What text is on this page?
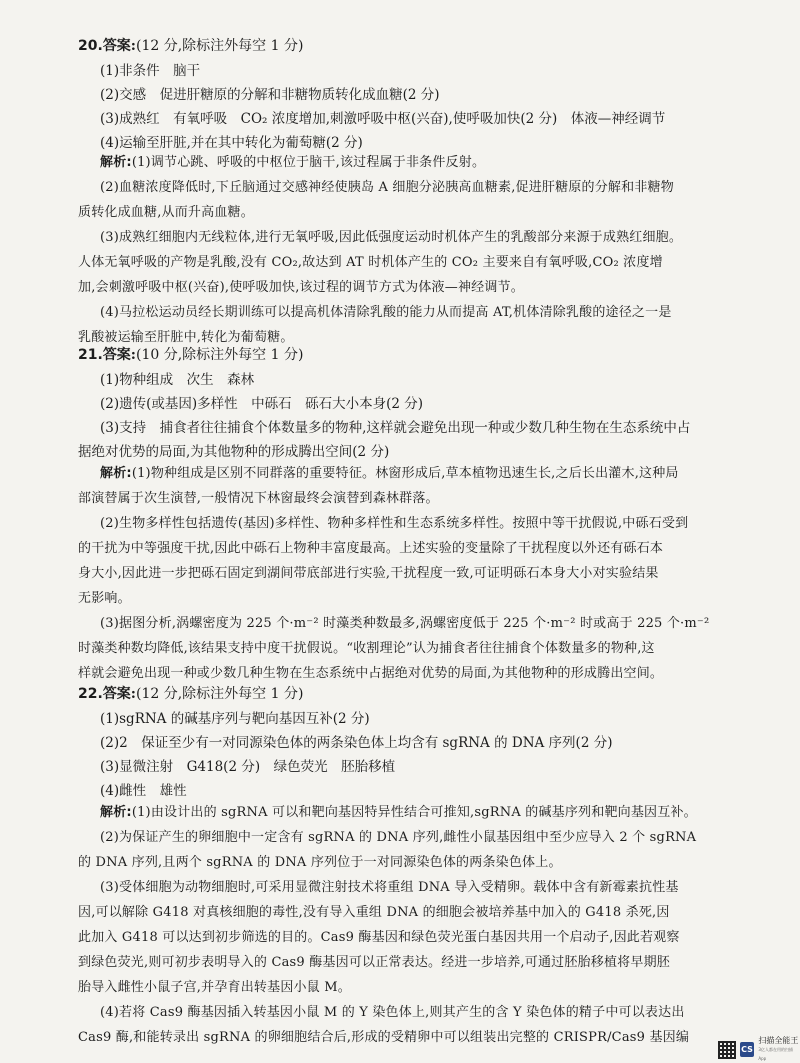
20.答案:(12 分,除标注外每空 1 分)
(1)非条件　脑干
(2)交感　促进肝糖原的分解和非糖物质转化成血糖(2 分)
(3)成熟红　有氧呼吸　CO₂ 浓度增加,刺激呼吸中枢(兴奋),使呼吸加快(2 分)　体液—神经调节
(4)运输至肝脏,并在其中转化为葡萄糖(2 分)
解析:(1)调节心跳、呼吸的中枢位于脑干,该过程属于非条件反射。
(2)血糖浓度降低时,下丘脑通过交感神经使胰岛 A 细胞分泌胰高血糖素,促进肝糖原的分解和非糖物
质转化成血糖,从而升高血糖。
(3)成熟红细胞内无线粒体,进行无氧呼吸,因此低强度运动时机体产生的乳酸部分来源于成熟红细胞。
人体无氧呼吸的产物是乳酸,没有 CO₂,故达到 AT 时机体产生的 CO₂ 主要来自有氧呼吸,CO₂ 浓度增
加,会刺激呼吸中枢(兴奋),使呼吸加快,该过程的调节方式为体液—神经调节。
(4)马拉松运动员经长期训练可以提高机体清除乳酸的能力从而提高 AT,机体清除乳酸的途径之一是
乳酸被运输至肝脏中,转化为葡萄糖。
21.答案:(10 分,除标注外每空 1 分)
(1)物种组成　次生　森林
(2)遗传(或基因)多样性　中砾石　砾石大小本身(2 分)
(3)支持　捕食者往往捕食个体数量多的物种,这样就会避免出现一种或少数几种生物在生态系统中占
据绝对优势的局面,为其他物种的形成腾出空间(2 分)
解析:(1)物种组成是区别不同群落的重要特征。林窗形成后,草本植物迅速生长,之后长出灌木,这种局
部演替属于次生演替,一般情况下林窗最终会演替到森林群落。
(2)生物多样性包括遗传(基因)多样性、物种多样性和生态系统多样性。按照中等干扰假说,中砾石受到
的干扰为中等强度干扰,因此中砾石上物种丰富度最高。上述实验的变量除了干扰程度以外还有砾石本
身大小,因此进一步把砾石固定到湖间带底部进行实验,干扰程度一致,可证明砾石本身大小对实验结果
无影响。
(3)据图分析,涡螺密度为 225 个·m⁻² 时藻类种数最多,涡螺密度低于 225 个·m⁻² 时或高于 225 个·m⁻²
时藻类种数均降低,该结果支持中度干扰假说。“收割理论”认为捕食者往往捕食个体数量多的物种,这
样就会避免出现一种或少数几种生物在生态系统中占据绝对优势的局面,为其他物种的形成腾出空间。
22.答案:(12 分,除标注外每空 1 分)
(1)sgRNA 的碱基序列与靶向基因互补(2 分)
(2)2　保证至少有一对同源染色体的两条染色体上均含有 sgRNA 的 DNA 序列(2 分)
(3)显微注射　G418(2 分)　绿色荧光　胚胎移植
(4)雌性　雄性
解析:(1)由设计出的 sgRNA 可以和靶向基因特异性结合可推知,sgRNA 的碱基序列和靶向基因互补。
(2)为保证产生的卵细胞中一定含有 sgRNA 的 DNA 序列,雌性小鼠基因组中至少应导入 2 个 sgRNA
的 DNA 序列,且两个 sgRNA 的 DNA 序列位于一对同源染色体的两条染色体上。
(3)受体细胞为动物细胞时,可采用显微注射技术将重组 DNA 导入受精卵。载体中含有新霉素抗性基
因,可以解除 G418 对真核细胞的毒性,没有导入重组 DNA 的细胞会被培养基中加入的 G418 杀死,因
此加入 G418 可以达到初步筛选的目的。Cas9 酶基因和绿色荧光蛋白基因共用一个启动子,因此若观察
到绿色荧光,则可初步表明导入的 Cas9 酶基因可以正常表达。经进一步培养,可通过胚胎移植将早期胚
胎导入雌性小鼠子宫,并孕育出转基因小鼠 M。
(4)若将 Cas9 酶基因插入转基因小鼠 M 的 Y 染色体上,则其产生的含 Y 染色体的精子中可以表达出
Cas9 酶,和能转录出 sgRNA 的卵细胞结合后,形成的受精卵中可以组装出完整的 CRISPR/Cas9 基因编
CS
扫描全能王
3亿人都在用的扫描App
